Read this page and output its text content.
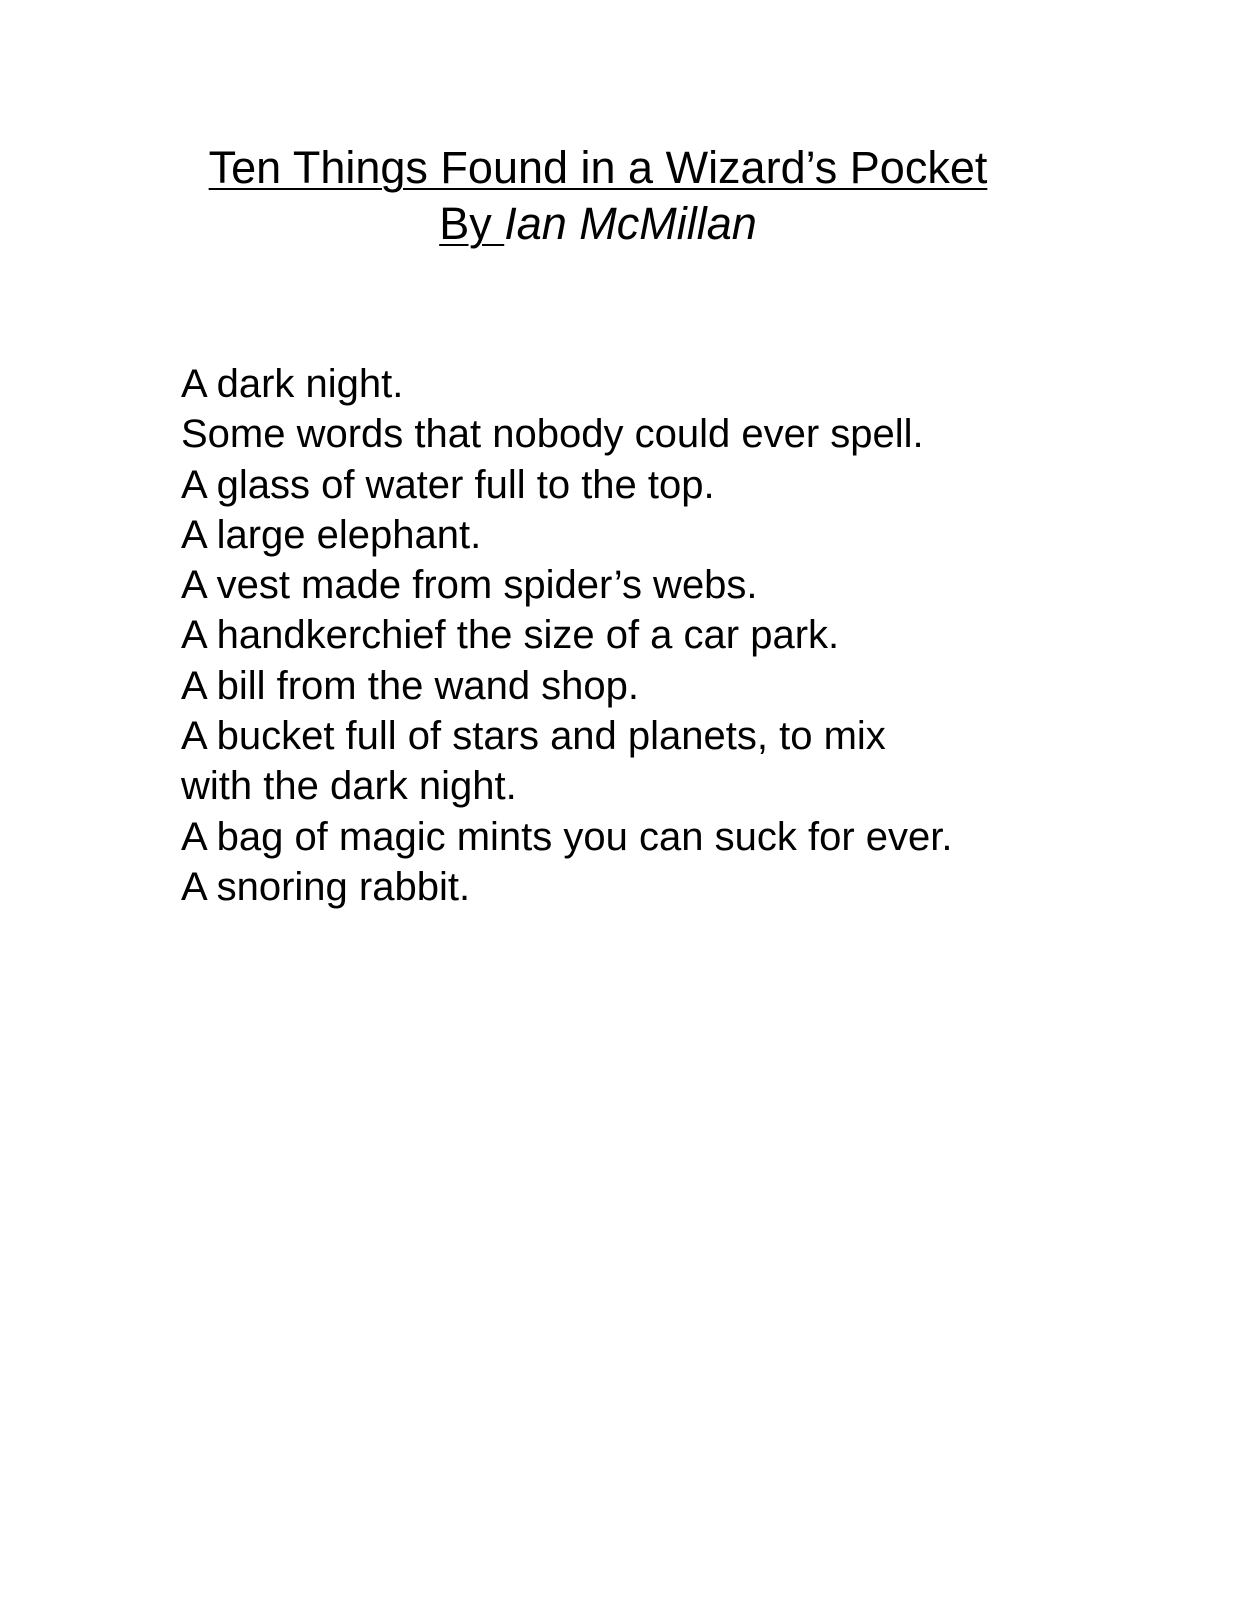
Ten Things Found in a Wizard’s Pocket
By Ian McMillan
A dark night.
Some words that nobody could ever spell.
A glass of water full to the top.
A large elephant.
A vest made from spider’s webs.
A handkerchief the size of a car park.
A bill from the wand shop.
A bucket full of stars and planets, to mix
with the dark night.
A bag of magic mints you can suck for ever.
A snoring rabbit.
